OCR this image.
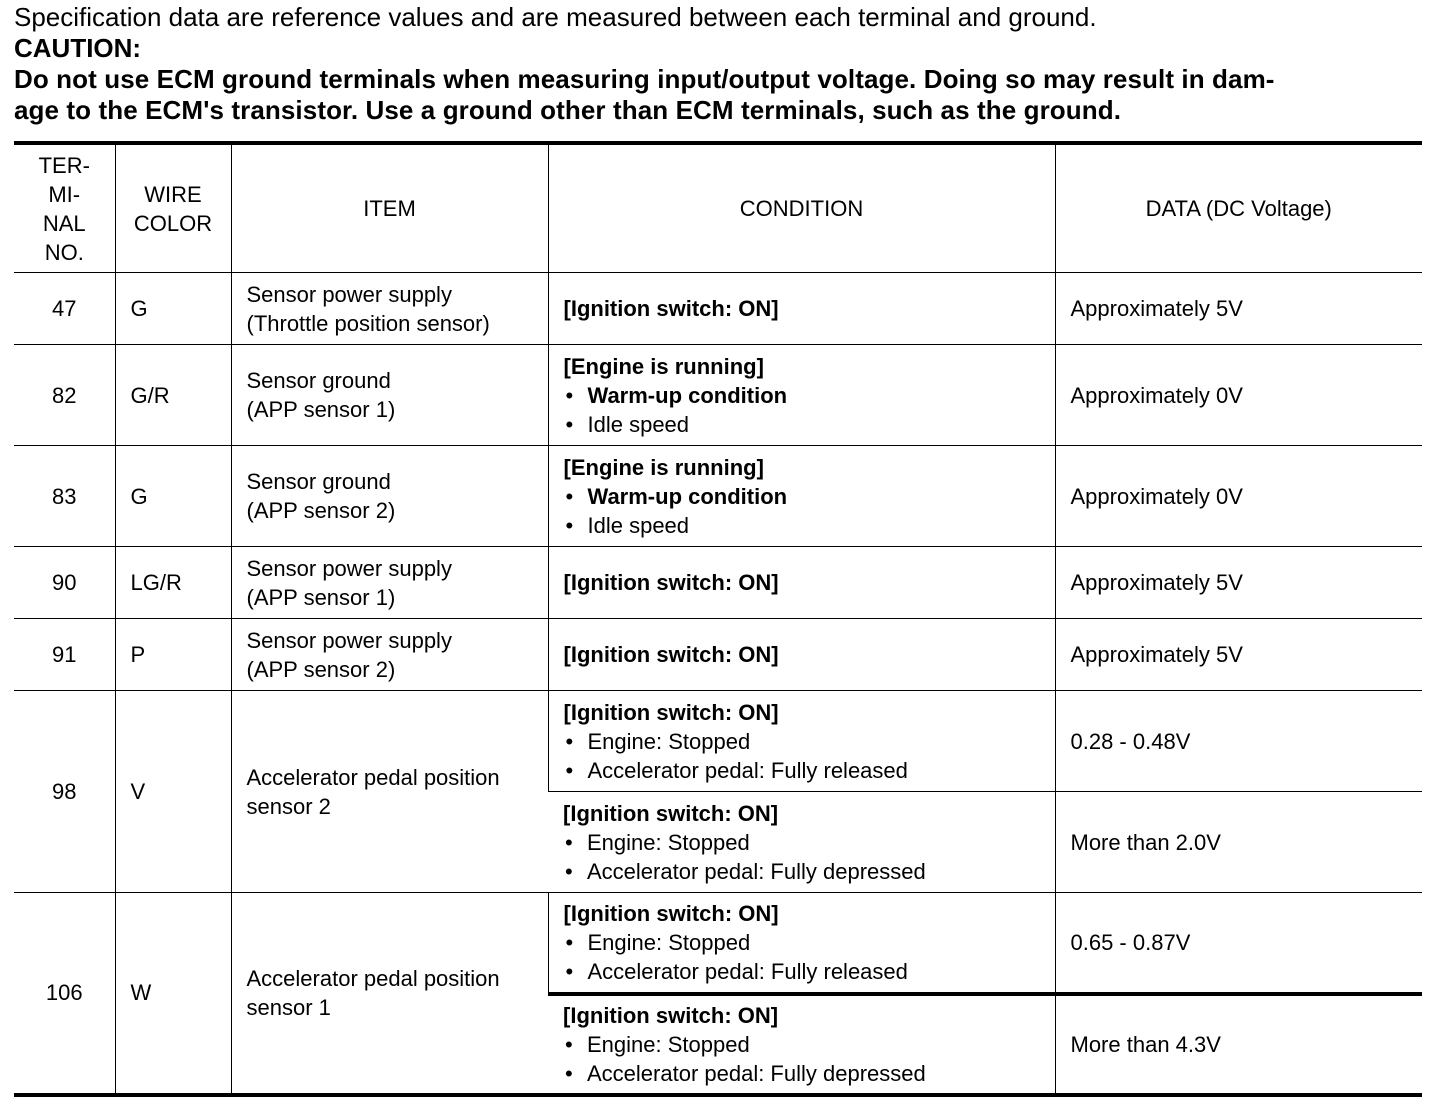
Specification data are reference values and are measured between each terminal and ground.
CAUTION:
Do not use ECM ground terminals when measuring input/output voltage. Doing so may result in dam-
age to the ECM's transistor. Use a ground other than ECM terminals, such as the ground.
TER-
MI-
NAL
NO.	WIRE
COLOR	ITEM	CONDITION	DATA (DC Voltage)
47	G	Sensor power supply
(Throttle position sensor)	[Ignition switch: ON]	Approximately 5V
82	G/R	Sensor ground
(APP sensor 1)	[Engine is running]
• Warm-up condition
• Idle speed	Approximately 0V
83	G	Sensor ground
(APP sensor 2)	[Engine is running]
• Warm-up condition
• Idle speed	Approximately 0V
90	LG/R	Sensor power supply
(APP sensor 1)	[Ignition switch: ON]	Approximately 5V
91	P	Sensor power supply
(APP sensor 2)	[Ignition switch: ON]	Approximately 5V
98	V	Accelerator pedal position
sensor 2	[Ignition switch: ON]
• Engine: Stopped
• Accelerator pedal: Fully released	0.28 - 0.48V

			[Ignition switch: ON]
• Engine: Stopped
• Accelerator pedal: Fully depressed	More than 2.0V
106	W	Accelerator pedal position
sensor 1	[Ignition switch: ON]
• Engine: Stopped
• Accelerator pedal: Fully released	0.65 - 0.87V

			[Ignition switch: ON]
• Engine: Stopped
• Accelerator pedal: Fully depressed	More than 4.3V
